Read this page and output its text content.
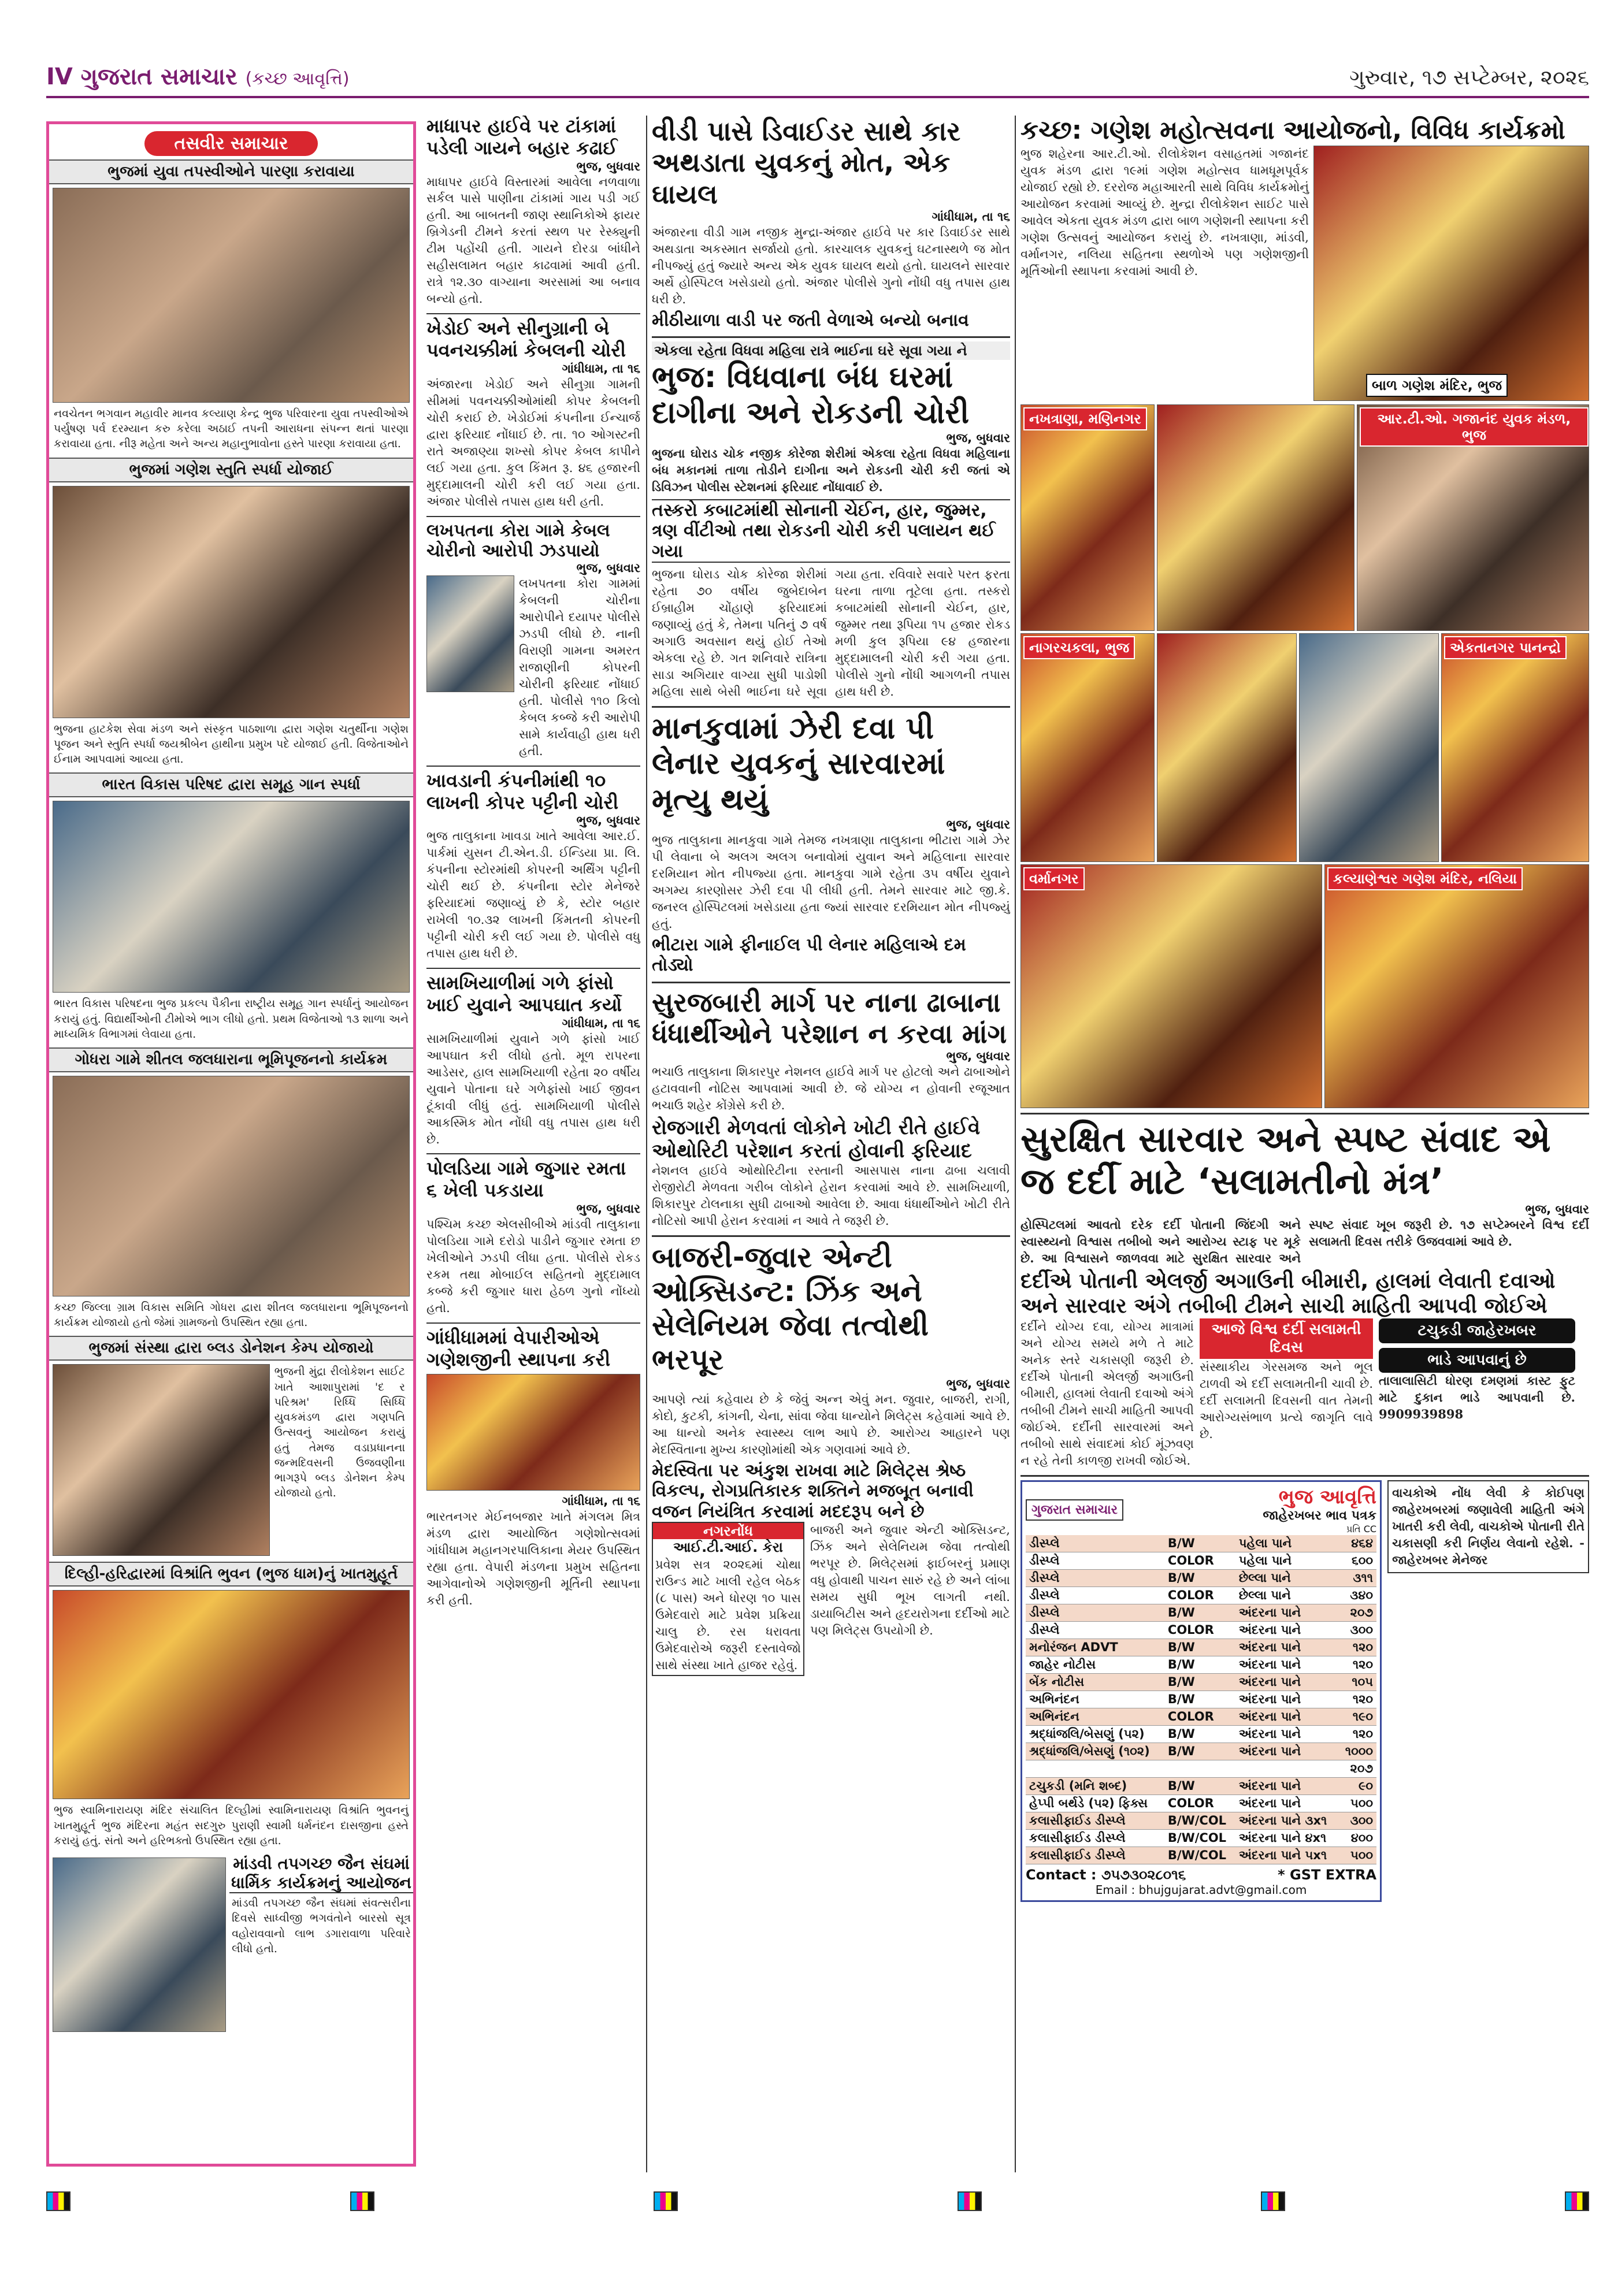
IV ગુજરાત સમાચાર (કચ્છ આવૃત્તિ)	ગુરુવાર, ૧૭ સપ્ટેમ્બર, ૨૦૨૬
તસવીર સમાચાર
ભુજમાં યુવા તપસ્વીઓને પારણા કરાવાયા
નવચેતન ભગવાન મહાવીર માનવ કલ્યાણ કેન્દ્ર ભુજ પરિવારના યુવા તપસ્વીઓએ પર્યુષણ પર્વ દરમ્યાન કરુ કરેલા અઠાઈ તપની આરાધના સંપન્ન થતાં પારણા કરાવાયા હતા. નીરૂ મહેતા અને અન્ય મહાનુભાવોના હસ્તે પારણા કરાવાયા હતા.
ભુજમાં ગણેશ સ્તુતિ સ્પર્ધા યોજાઈ
ભુજના હાટકેશ સેવા મંડળ અને સંસ્કૃત પાઠશાળા દ્વારા ગણેશ ચતુર્થીના ગણેશ પૂજન અને સ્તુતિ સ્પર્ધા જયશ્રીબેન હાથીના પ્રમુખ પદે યોજાઈ હતી. વિજેતાઓને ઈનામ આપવામાં આવ્યા હતા.
ભારત વિકાસ પરિષદ દ્વારા સમૂહ ગાન સ્પર્ધા
ભારત વિકાસ પરિષદના ભુજ પ્રકલ્પ પૈકીના રાષ્ટ્રીય સમૂહ ગાન સ્પર્ધાનું આયોજન કરાયું હતું. વિદ્યાર્થીઓની ટીમોએ ભાગ લીધો હતો. પ્રથમ વિજેતાઓ ૧૩ શાળા અને માધ્યમિક વિભાગમાં લેવાયા હતા.
ગોધરા ગામે શીતલ જલધારાના ભૂમિપૂજનનો કાર્યક્રમ
કચ્છ જિલ્લા ગ્રામ વિકાસ સમિતિ ગોધરા દ્વારા શીતલ જલધારાના ભૂમિપૂજનનો કાર્યક્રમ યોજાયો હતો જેમાં ગ્રામજનો ઉપસ્થિત રહ્યા હતા.
ભુજમાં સંસ્થા દ્વારા બ્લડ ડોનેશન કેમ્પ યોજાયો
ભુજની મુંદ્રા રીલોકેશન સાઈટ ખાતે આશાપુરામાં 'દ ર પરિશ્રમ' રિધ્ધિ સિધ્ધિ યુવકમંડળ દ્વારા ગણપતિ ઉત્સવનું આયોજન કરાયું હતું તેમજ વડાપ્રધાનના જન્મદિવસની ઉજવણીના ભાગરૂપે બ્લડ ડોનેશન કેમ્પ યોજાયો હતો.
દિલ્હી-હરિદ્વારમાં વિશ્રાંતિ ભુવન (ભુજ ધામ)નું ખાતમુહૂર્ત
ભુજ સ્વામિનારાયણ મંદિર સંચાલિત દિલ્હીમાં સ્વામિનારાયણ વિશ્રાંતિ ભુવનનું ખાતમુહૂર્ત ભુજ મંદિરના મહંત સદગુરુ પુરાણી સ્વામી ધર્મનંદન દાસજીના હસ્તે કરાયું હતું. સંતો અને હરિભક્તો ઉપસ્થિત રહ્યા હતા.
માંડવી તપગચ્છ જૈન સંઘમાં ધાર્મિક કાર્યક્રમનું આયોજન
માંડવી તપગચ્છ જૈન સંઘમાં સંવત્સરીના દિવસે સાધ્વીજી ભગવંતોને બારસો સૂત્ર વહોરાવવાનો લાભ ડગારાવાળા પરિવારે લીધો હતો.
માધાપર હાઈવે પર ટાંકામાં પડેલી ગાયને બહાર કઢાઈ
ભુજ, બુધવાર
માધાપર હાઈવે વિસ્તારમાં આવેલા નળવાળા સર્કલ પાસે પાણીના ટાંકામાં ગાય પડી ગઈ હતી. આ બાબતની જાણ સ્થાનિકોએ ફાયર બ્રિગેડની ટીમને કરતાં સ્થળ પર રેસ્ક્યુની ટીમ પહોંચી હતી. ગાયને દોરડા બાંધીને સહીસલામત બહાર કાઢવામાં આવી હતી. રાત્રે ૧૨.૩૦ વાગ્યાના અરસામાં આ બનાવ બન્યો હતો.
ખેડોઈ અને સીનુગ્રાની બે પવનચક્કીમાં કેબલની ચોરી
ગાંધીધામ, તા ૧૬
અંજારના ખેડોઈ અને સીનુગ્રા ગામની સીમમાં પવનચક્કીઓમાંથી કોપર કેબલની ચોરી કરાઈ છે. ખેડોઈમાં કંપનીના ઈન્ચાર્જ દ્વારા ફરિયાદ નોંધાઈ છે. તા. ૧૦ ઓગસ્ટની રાતે અજાણ્યા શખ્સો કોપર કેબલ કાપીને લઈ ગયા હતા. કુલ કિંમત રૂ. ૪૬ હજારની મુદ્દામાલની ચોરી કરી લઈ ગયા હતા. અંજાર પોલીસે તપાસ હાથ ધરી હતી.
લખપતના કોરા ગામે કેબલ ચોરીનો આરોપી ઝડપાયો
ભુજ, બુધવાર
લખપતના કોરા ગામમાં કેબલની ચોરીના આરોપીને દયાપર પોલીસે ઝડપી લીધો છે. નાની વિરાણી ગામના અમરત રાજાણીની કોપરની ચોરીની ફરિયાદ નોંધાઈ હતી. પોલીસે ૧૧૦ કિલો કેબલ કબ્જે કરી આરોપી સામે કાર્યવાહી હાથ ધરી હતી.
ખાવડાની કંપનીમાંથી ૧૦ લાખની કોપર પટ્ટીની ચોરી
ભુજ, બુધવાર
ભુજ તાલુકાના ખાવડા ખાતે આવેલા આર.ઈ. પાર્કમાં યુસન ટી.એન.ડી. ઈન્ડિયા પ્રા. લિ. કંપનીના સ્ટોરમાંથી કોપરની અર્થિંગ પટ્ટીની ચોરી થઈ છે. કંપનીના સ્ટોર મેનેજરે ફરિયાદમાં જણાવ્યું છે કે, સ્ટોર બહાર રાખેલી ૧૦.૩૨ લાખની કિંમતની કોપરની પટ્ટીની ચોરી કરી લઈ ગયા છે. પોલીસે વધુ તપાસ હાથ ધરી છે.
સામખિયાળીમાં ગળે ફાંસો ખાઈ યુવાને આપઘાત કર્યો
ગાંધીધામ, તા ૧૬
સામખિયાળીમાં યુવાને ગળે ફાંસો ખાઈ આપઘાત કરી લીધો હતો. મૂળ રાપરના આડેસર, હાલ સામખિયાળી રહેતા ૨૦ વર્ષીય યુવાને પોતાના ઘરે ગળેફાંસો ખાઈ જીવન ટૂંકાવી લીધું હતું. સામખિયાળી પોલીસે આકસ્મિક મોત નોંધી વધુ તપાસ હાથ ધરી છે.
પોલડિયા ગામે જુગાર રમતા ૬ ખેલી પકડાયા
ભુજ, બુધવાર
પશ્ચિમ કચ્છ એલસીબીએ માંડવી તાલુકાના પોલડિયા ગામે દરોડો પાડીને જુગાર રમતા છ ખેલીઓને ઝડપી લીધા હતા. પોલીસે રોકડ રકમ તથા મોબાઈલ સહિતનો મુદ્દામાલ કબ્જે કરી જુગાર ધારા હેઠળ ગુનો નોંધ્યો હતો.
ગાંધીધામમાં વેપારીઓએ ગણેશજીની સ્થાપના કરી
ગાંધીધામ, તા ૧૬
ભારતનગર મેઈનબજાર ખાતે મંગલમ મિત્ર મંડળ દ્વારા આયોજિત ગણેશોત્સવમાં ગાંધીધામ મહાનગરપાલિકાના મેયર ઉપસ્થિત રહ્યા હતા. વેપારી મંડળના પ્રમુખ સહિતના આગેવાનોએ ગણેશજીની મૂર્તિની સ્થાપના કરી હતી.
વીડી પાસે ડિવાઈડર સાથે કાર અથડાતા યુવકનું મોત, એક ઘાયલ
ગાંધીધામ, તા ૧૬
અંજારના વીડી ગામ નજીક મુન્દ્રા-અંજાર હાઈવે પર કાર ડિવાઈડર સાથે અથડાતા અકસ્માત સર્જાયો હતો. કારચાલક યુવકનું ઘટનાસ્થળે જ મોત નીપજ્યું હતું જ્યારે અન્ય એક યુવક ઘાયલ થયો હતો. ઘાયલને સારવાર અર્થે હોસ્પિટલ ખસેડાયો હતો. અંજાર પોલીસે ગુનો નોંધી વધુ તપાસ હાથ ધરી છે.
મીઠીયાળા વાડી પર જતી વેળાએ બન્યો બનાવ
એકલા રહેતા વિધવા મહિલા રાત્રે ભાઈના ઘરે સૂવા ગયા ને
ભુજ: વિધવાના બંધ ઘરમાં દાગીના અને રોકડની ચોરી
ભુજ, બુધવાર
ભુજના ઘોરાડ ચોક નજીક કોરેજા શેરીમાં એકલા રહેતા વિધવા મહિલાના બંધ મકાનમાં તાળા તોડીને દાગીના અને રોકડની ચોરી કરી જતાં એ ડિવિઝન પોલીસ સ્ટેશનમાં ફરિયાદ નોંધાવાઈ છે.
તસ્કરો કબાટમાંથી સોનાની ચેઈન, હાર, જુમ્મર, ત્રણ વીંટીઓ તથા રોકડની ચોરી કરી પલાયન થઈ ગયા
ભુજના ઘોરાડ ચોક કોરેજા શેરીમાં રહેતા ૭૦ વર્ષીય જુબેદાબેન ઈબ્રાહીમ ચોંહાણે ફરિયાદમાં જણાવ્યું હતું કે, તેમના પતિનું ૭ વર્ષ અગાઉ અવસાન થયું હોઈ તેઓ એકલા રહે છે. ગત શનિવારે રાત્રિના સાડા અગિયાર વાગ્યા સુધી પાડોશી મહિલા સાથે બેસી ભાઈના ઘરે સૂવા ગયા હતા. રવિવારે સવારે પરત ફરતા ઘરના તાળા તૂટેલા હતા. તસ્કરો કબાટમાંથી સોનાની ચેઈન, હાર, જુમ્મર તથા રૂપિયા ૧૫ હજાર રોકડ મળી કુલ રૂપિયા ૯૪ હજારના મુદ્દામાલની ચોરી કરી ગયા હતા. પોલીસે ગુનો નોંધી આગળની તપાસ હાથ ધરી છે.
માનકુવામાં ઝેરી દવા પી લેનાર યુવકનું સારવારમાં મૃત્યુ થયું
ભુજ, બુધવાર
ભુજ તાલુકાના માનકુવા ગામે તેમજ નખત્રાણા તાલુકાના ભીટારા ગામે ઝેર પી લેવાના બે અલગ અલગ બનાવોમાં યુવાન અને મહિલાના સારવાર દરમિયાન મોત નીપજ્યા હતા. માનકુવા ગામે રહેતા ૩૫ વર્ષીય યુવાને અગમ્ય કારણોસર ઝેરી દવા પી લીધી હતી. તેમને સારવાર માટે જી.કે. જનરલ હોસ્પિટલમાં ખસેડાયા હતા જ્યાં સારવાર દરમિયાન મોત નીપજ્યું હતું.
ભીટારા ગામે ફીનાઈલ પી લેનાર મહિલાએ દમ તોડ્યો
સુરજબારી માર્ગ પર નાના ઢાબાના ધંધાર્થીઓને પરેશાન ન કરવા માંગ
ભુજ, બુધવાર
ભચાઉ તાલુકાના શિકારપુર નેશનલ હાઈવે માર્ગ પર હોટલો અને ઢાબાઓને હટાવવાની નોટિસ આપવામાં આવી છે. જે યોગ્ય ન હોવાની રજૂઆત ભચાઉ શહેર કોંગ્રેસે કરી છે.
રોજગારી મેળવતાં લોકોને ખોટી રીતે હાઈવે ઓથોરિટી પરેશાન કરતાં હોવાની ફરિયાદ
નેશનલ હાઈવે ઓથોરિટીના રસ્તાની આસપાસ નાના ઢાબા ચલાવી રોજીરોટી મેળવતા ગરીબ લોકોને હેરાન કરવામાં આવે છે. સામખિયાળી, શિકારપુર ટોલનાકા સુધી ઢાબાઓ આવેલા છે. આવા ધંધાર્થીઓને ખોટી રીતે નોટિસો આપી હેરાન કરવામાં ન આવે તે જરૂરી છે.
બાજરી-જુવાર એન્ટી ઓક્સિડન્ટ: ઝિંક અને સેલેનિયમ જેવા તત્વોથી ભરપૂર
ભુજ, બુધવાર
આપણે ત્યાં કહેવાય છે કે જેવું અન્ન એવું મન. જુવાર, બાજરી, રાગી, કોદો, કુટકી, કાંગની, ચેના, સાંવા જેવા ધાન્યોને મિલેટ્સ કહેવામાં આવે છે. આ ધાન્યો અનેક સ્વાસ્થ્ય લાભ આપે છે. આરોગ્ય આહારને પણ મેદસ્વિતાના મુખ્ય કારણોમાંથી એક ગણવામાં આવે છે.
મેદસ્વિતા પર અંકુશ રાખવા માટે મિલેટ્સ શ્રેષ્ઠ વિકલ્પ, રોગપ્રતિકારક શક્તિને મજબૂત બનાવી વજન નિયંત્રિત કરવામાં મદદરૂપ બને છે
નગરનોંધ
આઈ.ટી.આઈ. કેરા
પ્રવેશ સત્ર ૨૦૨૬માં ચોથા રાઉન્ડ માટે ખાલી રહેલ બેઠક (૮ પાસ) અને ધોરણ ૧૦ પાસ ઉમેદવારો માટે પ્રવેશ પ્રક્રિયા ચાલુ છે. રસ ધરાવતા ઉમેદવારોએ જરૂરી દસ્તાવેજો સાથે સંસ્થા ખાતે હાજર રહેવું.
બાજરી અને જુવાર એન્ટી ઓક્સિડન્ટ, ઝિંક અને સેલેનિયમ જેવા તત્વોથી ભરપૂર છે. મિલેટ્સમાં ફાઈબરનું પ્રમાણ વધુ હોવાથી પાચન સારું રહે છે અને લાંબા સમય સુધી ભૂખ લાગતી નથી. ડાયાબિટીસ અને હૃદયરોગના દર્દીઓ માટે પણ મિલેટ્સ ઉપયોગી છે.
કચ્છ: ગણેશ મહોત્સવના આયોજનો, વિવિધ કાર્યક્રમો
ભુજ શહેરના આર.ટી.ઓ. રીલોકેશન વસાહતમાં ગજાનંદ યુવક મંડળ દ્વારા ૧૯માં ગણેશ મહોત્સવ ધામધૂમપૂર્વક યોજાઈ રહ્યો છે. દરરોજ મહાઆરતી સાથે વિવિધ કાર્યક્રમોનું આયોજન કરવામાં આવ્યું છે. મુન્દ્રા રીલોકેશન સાઈટ પાસે આવેલ એકતા યુવક મંડળ દ્વારા બાળ ગણેશની સ્થાપના કરી ગણેશ ઉત્સવનું આયોજન કરાયું છે. નખત્રાણા, માંડવી, વર્માનગર, નલિયા સહિતના સ્થળોએ પણ ગણેશજીની મૂર્તિઓની સ્થાપના કરવામાં આવી છે.
બાળ ગણેશ મંદિર, ભુજ
નખત્રાણા, મણિનગર	આર.ટી.ઓ. ગજાનંદ યુવક મંડળ, ભુજ
નાગરચકલા, ભુજ	એકતાનગર પાનન્દ્રો
વર્માનગર	કલ્યાણેશ્વર ગણેશ મંદિર, નલિયા
સુરક્ષિત સારવાર અને સ્પષ્ટ સંવાદ એ જ દર્દી માટે ‘સલામતીનો મંત્ર’
ભુજ, બુધવાર
હોસ્પિટલમાં આવતો દરેક દર્દી પોતાની જિંદગી અને સ્વાસ્થ્યનો વિશ્વાસ તબીબો અને આરોગ્ય સ્ટાફ પર મૂકે છે. આ વિશ્વાસને જાળવવા માટે સુરક્ષિત સારવાર અને સ્પષ્ટ સંવાદ ખૂબ જરૂરી છે. ૧૭ સપ્ટેમ્બરને વિશ્વ દર્દી સલામતી દિવસ તરીકે ઉજવવામાં આવે છે.
દર્દીએ પોતાની એલર્જી અગાઉની બીમારી, હાલમાં લેવાતી દવાઓ અને સારવાર અંગે તબીબી ટીમને સાચી માહિતી આપવી જોઈએ
દર્દીને યોગ્ય દવા, યોગ્ય માત્રામાં અને યોગ્ય સમયે મળે તે માટે અનેક સ્તરે ચકાસણી જરૂરી છે. દર્દીએ પોતાની એલર્જી અગાઉની બીમારી, હાલમાં લેવાતી દવાઓ અંગે તબીબી ટીમને સાચી માહિતી આપવી જોઈએ. દર્દીની સારવારમાં અને તબીબો સાથે સંવાદમાં કોઈ મૂંઝવણ ન રહે તેની કાળજી રાખવી જોઈએ.
આજે વિશ્વ દર્દી સલામતી દિવસ
સંસ્થાકીય ગેરસમજ અને ભૂલ ટાળવી એ દર્દી સલામતીની ચાવી છે. દર્દી સલામતી દિવસની વાત તેમની આરોગ્યસંભાળ પ્રત્યે જાગૃતિ લાવે છે.
ટચુકડી જાહેરખબર
ભાડે આપવાનું છે
તાલાલાસિટી ધોરણ દમણમાં કાસ્ટ ફુટ માટે દુકાન ભાડે આપવાની છે. 9909939898
ગુજરાત સમાચાર
ભુજ આવૃત્તિ
જાહેરખબર ભાવ પત્રક
પ્રતિ CC
ડીસ્પ્લે	B/W	પહેલા પાને	૪૬૪
ડીસ્પ્લે	COLOR	પહેલા પાને	૬૦૦
ડીસ્પ્લે	B/W	છેલ્લા પાને	૩૧૧
ડીસ્પ્લે	COLOR	છેલ્લા પાને	૩૪૦
ડીસ્પ્લે	B/W	અંદરના પાને	૨૦૭
ડીસ્પ્લે	COLOR	અંદરના પાને	૩૦૦
મનોરંજન ADVT	B/W	અંદરના પાને	૧૨૦
જાહેર નોટીસ	B/W	અંદરના પાને	૧૨૦
બેંક નોટીસ	B/W	અંદરના પાને	૧૦૫
અભિનંદન	B/W	અંદરના પાને	૧૨૦
અભિનંદન	COLOR	અંદરના પાને	૧૯૦
શ્રદ્ધાંજલિ/બેસણું (૫૨)	B/W	અંદરના પાને	૧૨૦
શ્રદ્ધાંજલિ/બેસણું (૧૦૨)	B/W	અંદરના પાને	૧૦૦૦
			૨૦૭
ટચુકડી (મનિ શબ્દ)	B/W	અંદરના પાને	૯૦
હેપ્પી બર્થડે (૫૨) ફિક્સ	COLOR	અંદરના પાને	૫૦૦
કલાસીફાઈડ ડીસ્પ્લે	B/W/COL	અંદરના પાને ૩x૧	૩૦૦
કલાસીફાઈડ ડીસ્પ્લે	B/W/COL	અંદરના પાને ૪x૧	૪૦૦
કલાસીફાઈડ ડીસ્પ્લે	B/W/COL	અંદરના પાને ૫x૧	૫૦૦
Contact : ૭૫૭૩૦૨૮૦૧૬	* GST EXTRA
Email : bhujgujarat.advt@gmail.com
વાચકોએ નોંધ લેવી કે કોઈપણ જાહેરખબરમાં જણાવેલી માહિતી અંગે ખાતરી કરી લેવી, વાચકોએ પોતાની રીતે ચકાસણી કરી નિર્ણય લેવાનો રહેશે. - જાહેરખબર મેનેજર
